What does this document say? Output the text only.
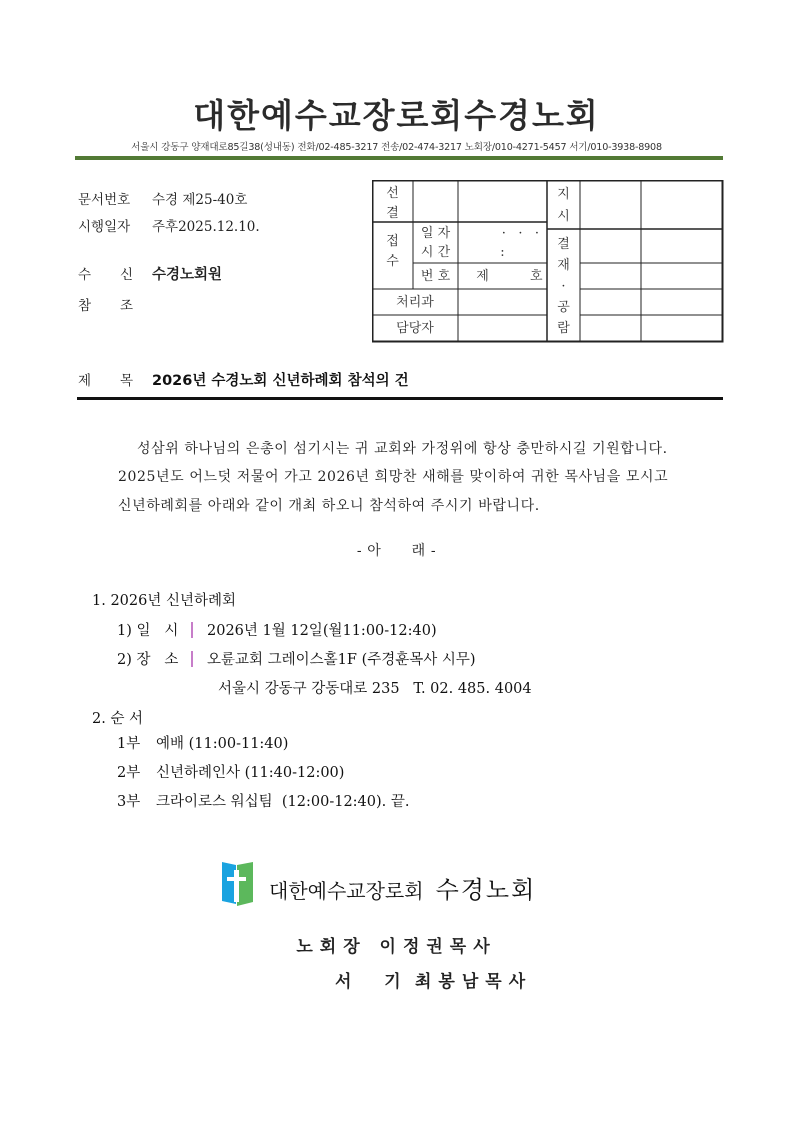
대한예수교장로회수경노회
서울시 강동구 양재대로85길38(성내동) 전화/02-485-3217 전송/02-474-3217 노회장/010-4271-5457 서기/010-3938-8908
문서번호 수경 제25-40호
시행일자 주후2025.12.10.
수 신 수경노회원
참 조
선
결
접
수
일 자
시 간
·   ·   ·
:
번 호	제	호
처리과
담당자
지
시
결
재
·
공
람
제 목 2026년 수경노회 신년하례회 참석의 건
성삼위 하나님의 은총이 섬기시는 귀 교회와 가정위에 항상 충만하시길 기원합니다.
2025년도 어느덧 저물어 가고 2026년 희망찬 새해를 맞이하여 귀한 목사님을 모시고
신년하례회를 아래와 같이 개최 하오니 참석하여 주시기 바랍니다.
- 아      래 -
1. 2026년 신년하례회
1) 일   시 2026년 1월 12일(월11:00-12:40)
2) 장   소 오륜교회 그레이스홀1F (주경훈목사 시무)
서울시 강동구 강동대로 235   T. 02. 485. 4004
2. 순 서
1부 예배 (11:00-11:40)
2부 신년하례인사 (11:40-12:00)
3부 크라이로스 워십팀  (12:00-12:40). 끝.
대한예수교장로회 수경노회
노회장 이정권목사
서  기 최봉남목사
